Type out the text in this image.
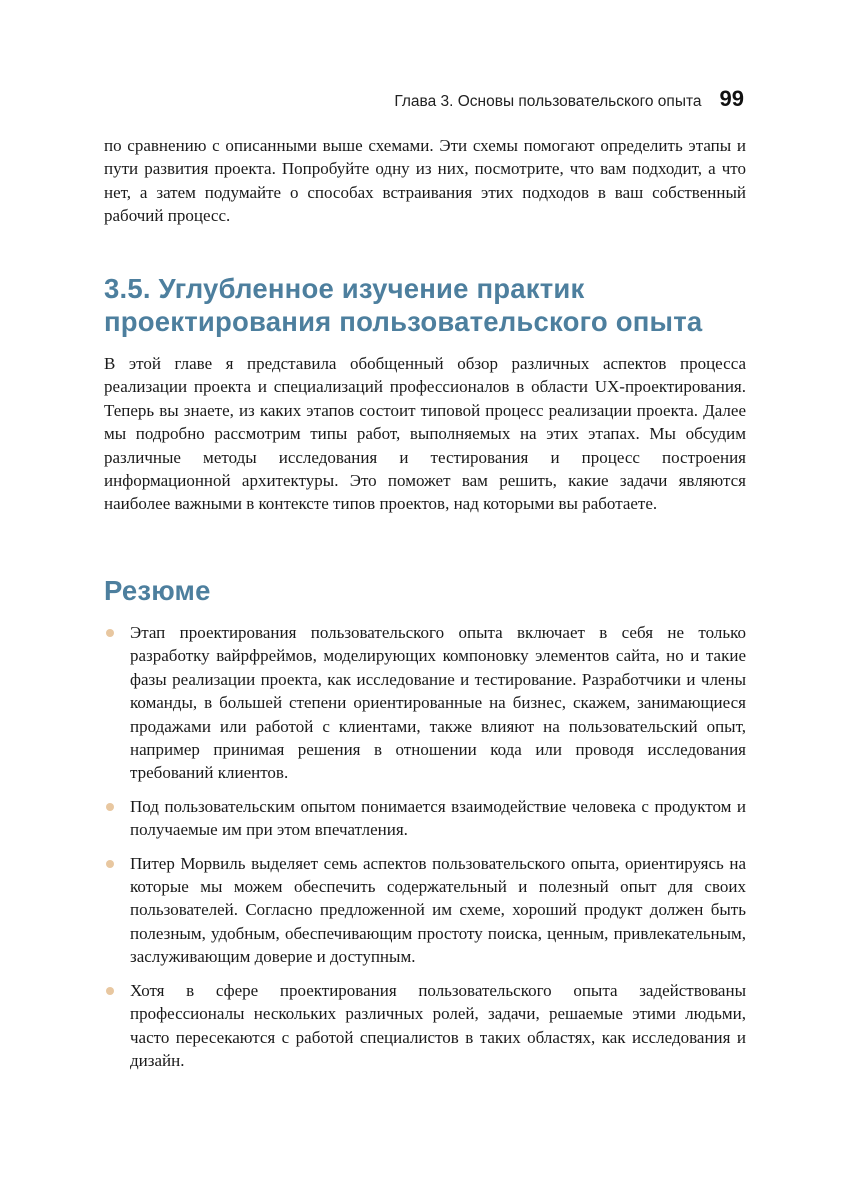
Глава 3. Основы пользовательского опыта 99

по сравнению с описанными выше схемами. Эти схемы помогают определить этапы и пути развития проекта. Попробуйте одну из них, посмотрите, что вам подходит, а что нет, а затем подумайте о способах встраивания этих подходов в ваш собственный рабочий процесс.

3.5. Углубленное изучение практик
проектирования пользовательского опыта

В этой главе я представила обобщенный обзор различных аспектов процесса реализации проекта и специализаций профессионалов в области UX-проектирования. Теперь вы знаете, из каких этапов состоит типовой процесс реализации проекта. Далее мы подробно рассмотрим типы работ, выполняемых на этих этапах. Мы обсудим различные методы исследования и тестирования и процесс построения информационной архитектуры. Это поможет вам решить, какие задачи являются наиболее важными в контексте типов проектов, над которыми вы работаете.

Резюме
Этап проектирования пользовательского опыта включает в себя не только разработку вайрфреймов, моделирующих компоновку элементов сайта, но и такие фазы реализации проекта, как исследование и тестирование. Разработчики и члены команды, в большей степени ориентированные на бизнес, скажем, занимающиеся продажами или работой с клиентами, также влияют на пользовательский опыт, например принимая решения в отношении кода или проводя исследования требований клиентов.
Под пользовательским опытом понимается взаимодействие человека с продуктом и получаемые им при этом впечатления.
Питер Морвиль выделяет семь аспектов пользовательского опыта, ориентируясь на которые мы можем обеспечить содержательный и полезный опыт для своих пользователей. Согласно предложенной им схеме, хороший продукт должен быть полезным, удобным, обеспечивающим простоту поиска, ценным, привлекательным, заслуживающим доверие и доступным.
Хотя в сфере проектирования пользовательского опыта задействованы профессионалы нескольких различных ролей, задачи, решаемые этими людьми, часто пересекаются с работой специалистов в таких областях, как исследования и дизайн.
